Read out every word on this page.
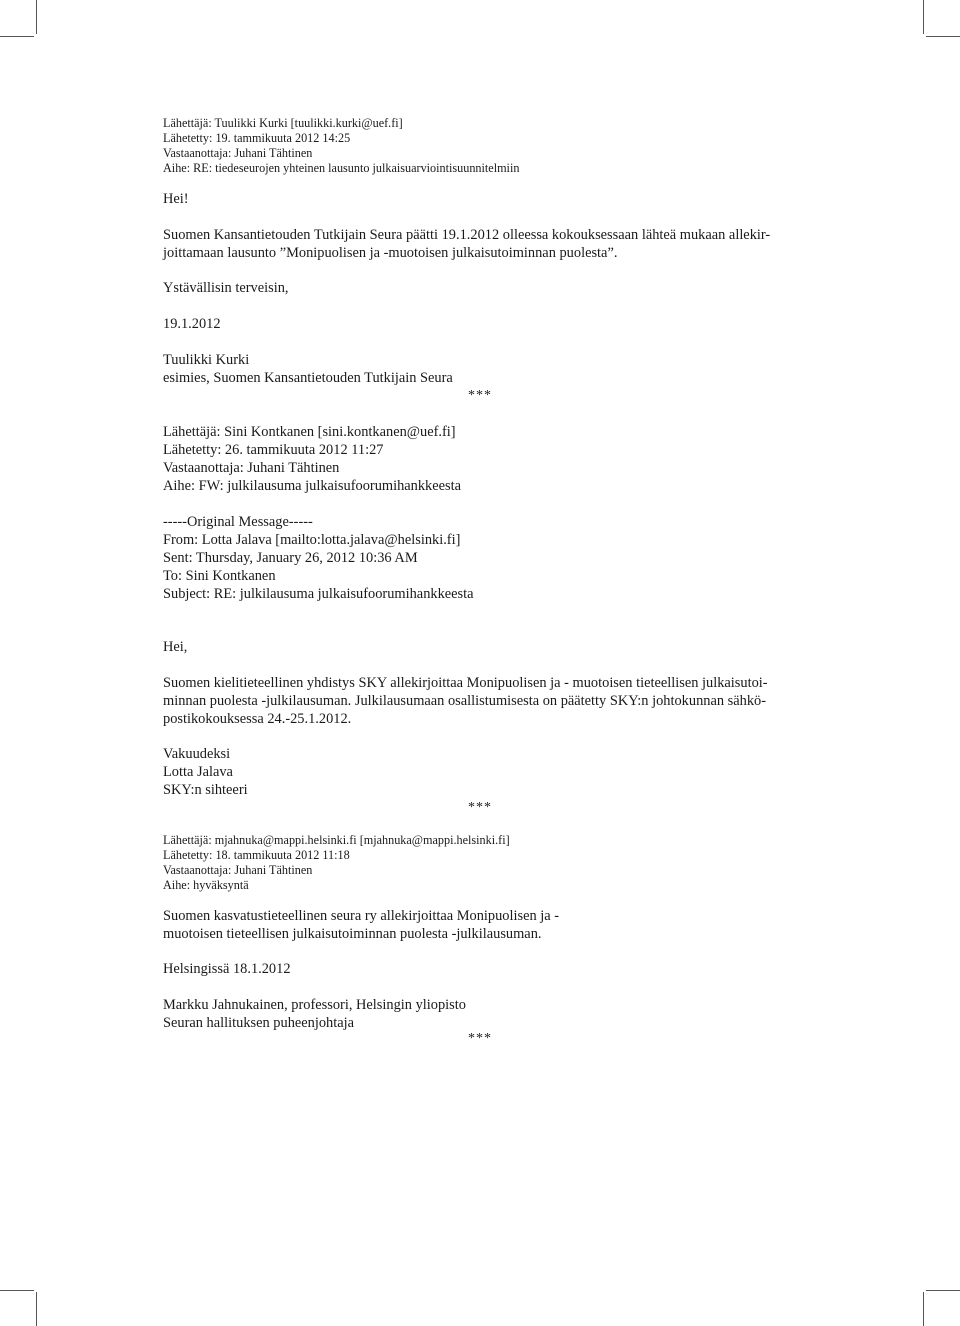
Lähettäjä: Tuulikki Kurki [tuulikki.kurki@uef.fi]
Lähetetty: 19. tammikuuta 2012 14:25
Vastaanottaja: Juhani Tähtinen
Aihe: RE: tiedeseurojen yhteinen lausunto julkaisuarviointisuunnitelmiin
Hei!
Suomen Kansantietouden Tutkijain Seura päätti 19.1.2012 olleessa kokouksessaan lähteä mukaan allekir-
joittamaan lausunto ”Monipuolisen ja -muotoisen julkaisutoiminnan puolesta”.
Ystävällisin terveisin,
19.1.2012
Tuulikki Kurki
esimies, Suomen Kansantietouden Tutkijain Seura
***
Lähettäjä: Sini Kontkanen [sini.kontkanen@uef.fi]
Lähetetty: 26. tammikuuta 2012 11:27
Vastaanottaja: Juhani Tähtinen
Aihe: FW: julkilausuma julkaisufoorumihankkeesta
-----Original Message-----
From: Lotta Jalava [mailto:lotta.jalava@helsinki.fi]
Sent: Thursday, January 26, 2012 10:36 AM
To: Sini Kontkanen
Subject: RE: julkilausuma julkaisufoorumihankkeesta
Hei,
Suomen kielitieteellinen yhdistys SKY allekirjoittaa Monipuolisen ja - muotoisen tieteellisen julkaisutoi-
minnan puolesta -julkilausuman. Julkilausumaan osallistumisesta on päätetty SKY:n johtokunnan sähkö-
postikokouksessa 24.-25.1.2012.
Vakuudeksi
Lotta Jalava
SKY:n sihteeri
***
Lähettäjä: mjahnuka@mappi.helsinki.fi [mjahnuka@mappi.helsinki.fi]
Lähetetty: 18. tammikuuta 2012 11:18
Vastaanottaja: Juhani Tähtinen
Aihe: hyväksyntä
Suomen kasvatustieteellinen seura ry allekirjoittaa Monipuolisen ja -
muotoisen tieteellisen julkaisutoiminnan puolesta -julkilausuman.
Helsingissä 18.1.2012
Markku Jahnukainen, professori, Helsingin yliopisto
Seuran hallituksen puheenjohtaja
***
